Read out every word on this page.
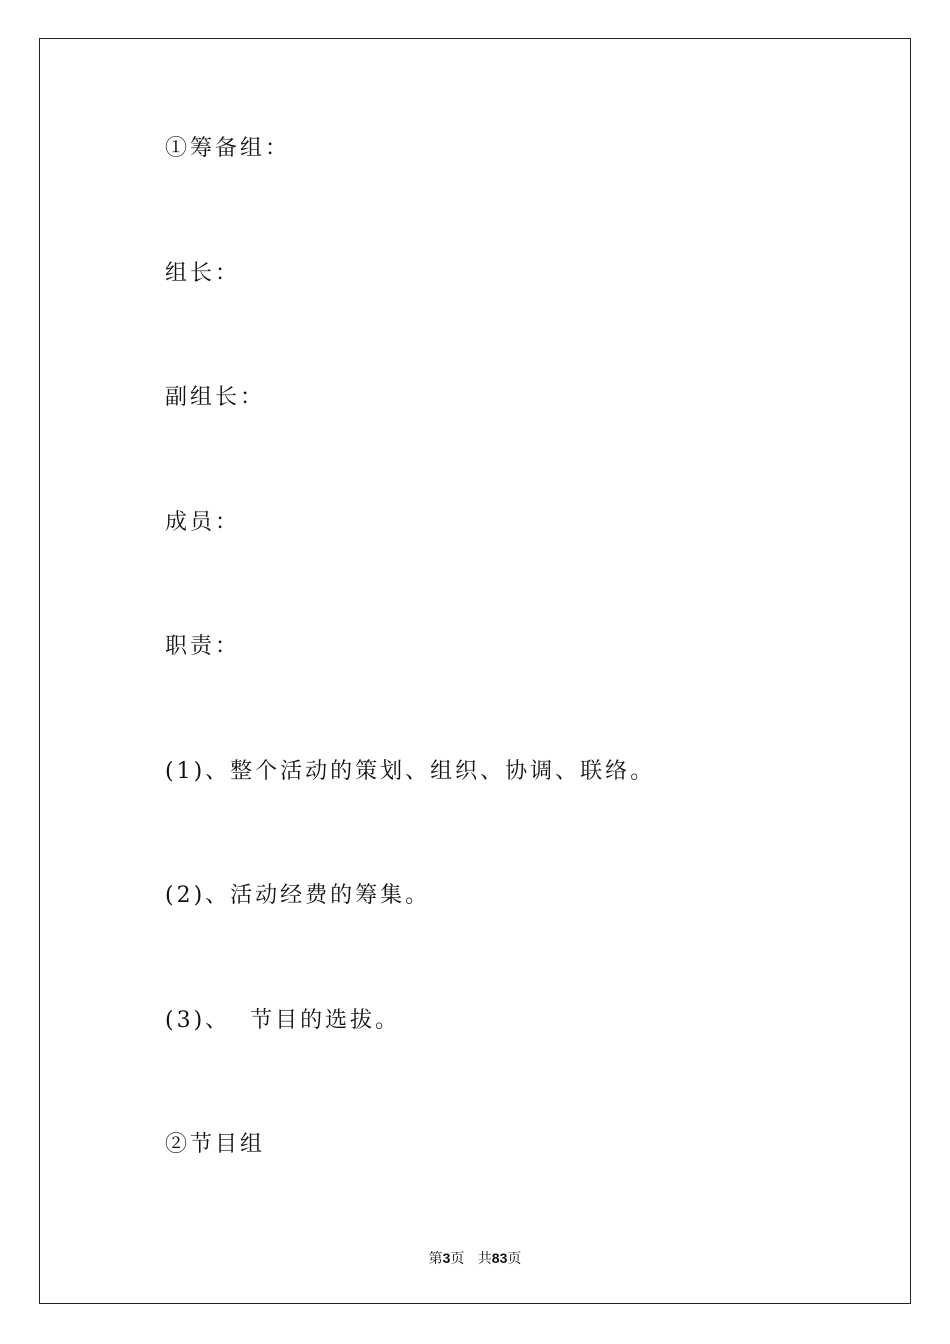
①筹备组：
组长：
副组长：
成员：
职责：
(1)、整个活动的策划、组织、协调、联络。
(2)、活动经费的筹集。
(3)、  节目的选拔。
②节目组
第3页   共83页
